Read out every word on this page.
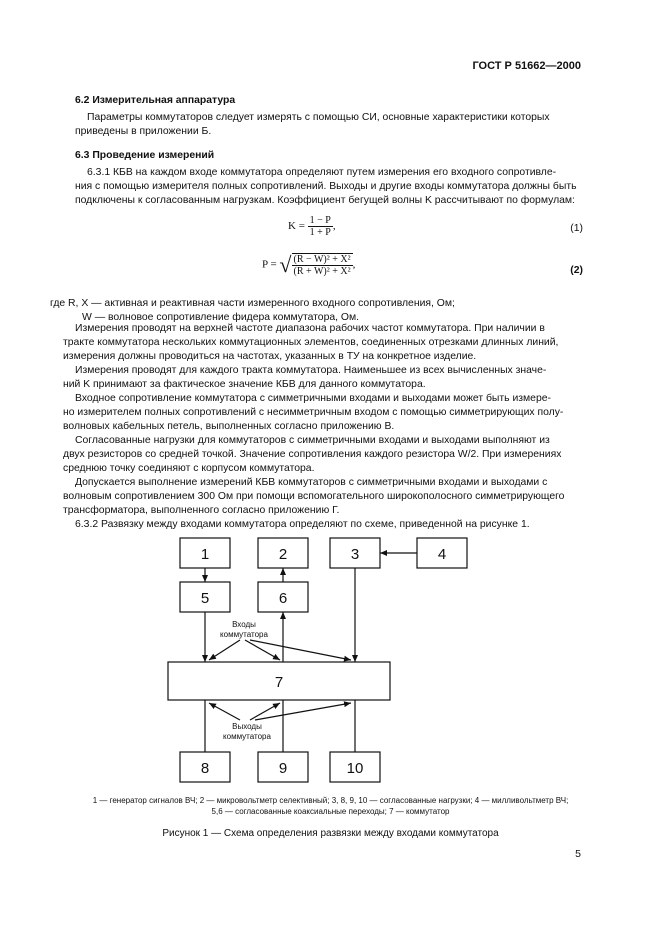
ГОСТ Р 51662—2000
6.2 Измерительная аппаратура

Параметры коммутаторов следует измерять с помощью СИ, основные характеристики которых

приведены в приложении Б.

6.3 Проведение измерений

6.3.1 КБВ на каждом входе коммутатора определяют путем измерения его входного сопротивле-

ния с помощью измерителя полных сопротивлений. Выходы и другие входы коммутатора должны быть

подключены к согласованным нагрузкам. Коэффициент бегущей волны K рассчитывают по формулам:

$K = \frac{1 - P}{1 + P}$ ,	(1)
P = √ $\frac{\text{(R − W)² + X²}}{\text{(R + W)² + X²}}$ ,	(2)

где R, X — активная и реактивная части измеренного входного сопротивления, Ом;

W — волновое сопротивление фидера коммутатора, Ом.

Измерения проводят на верхней частоте диапазона рабочих частот коммутатора. При наличии в

тракте коммутатора нескольких коммутационных элементов, соединенных отрезками длинных линий,

измерения должны проводиться на частотах, указанных в ТУ на конкретное изделие.

Измерения проводят для каждого тракта коммутатора. Наименьшее из всех вычисленных значе-

ний K принимают за фактическое значение КБВ для данного коммутатора.

Входное сопротивление коммутатора с симметричными входами и выходами может быть измере-

но измерителем полных сопротивлений с несимметричным входом с помощью симметрирующих полу-

волновых кабельных петель, выполненных согласно приложению В.

Согласованные нагрузки для коммутаторов с симметричными входами и выходами выполняют из

двух резисторов со средней точкой. Значение сопротивления каждого резистора W/2. При измерениях

среднюю точку соединяют с корпусом коммутатора.

Допускается выполнение измерений КБВ коммутаторов с симметричными входами и выходами с

волновым сопротивлением 300 Ом при помощи вспомогательного широкополосного симметрирующего

трансформатора, выполненного согласно приложению Г.

6.3.2 Развязку между входами коммутатора определяют по схеме, приведенной на рисунке 1.

1	2	3	4
5	6
7
8	9	10
Входы
коммутатора
Выходы
коммутатора
1 — генератор сигналов ВЧ; 2 — микровольтметр селективный; 3, 8, 9, 10 — согласованные нагрузки; 4 — милливольтметр ВЧ;
5,6 — согласованные коаксиальные переходы; 7 — коммутатор
Рисунок 1 — Схема определения развязки между входами коммутатора
5
